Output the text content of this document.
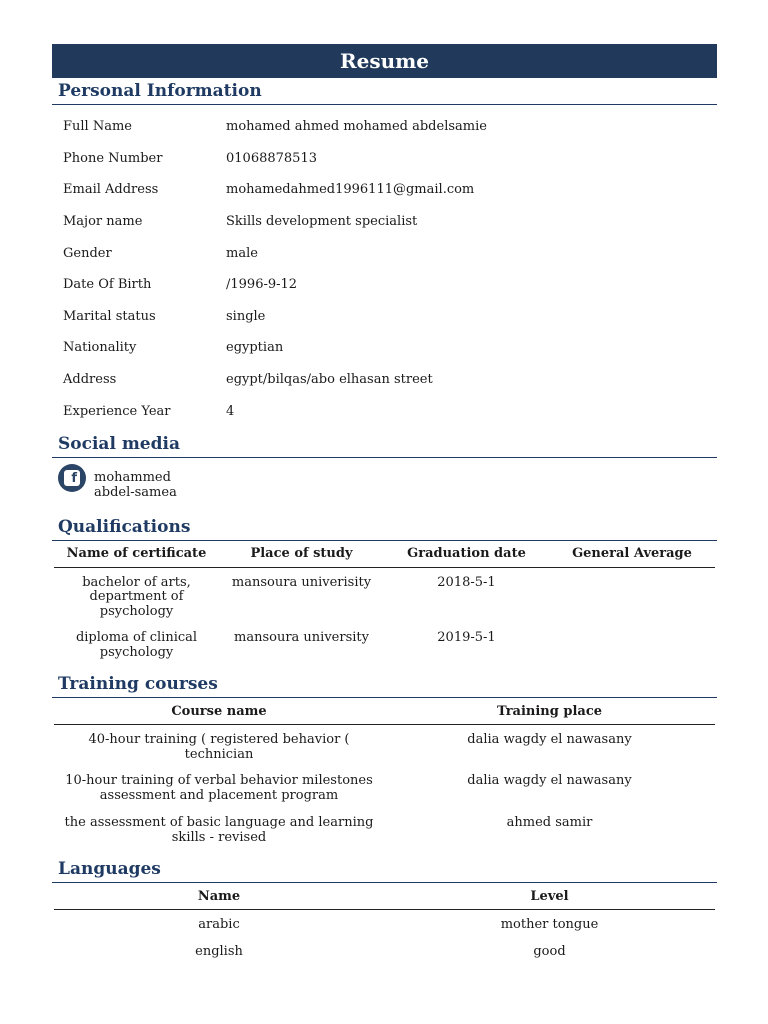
Resume
Personal Information
Full Name	mohamed ahmed mohamed abdelsamie
Phone Number	01068878513
Email Address	mohamedahmed1996111@gmail.com
Major name	Skills development specialist
Gender	male
Date Of Birth	/1996-9-12
Marital status	single
Nationality	egyptian
Address	egypt/bilqas/abo elhasan street
Experience Year	4
Social media
f mohammed
abdel-samea
Qualifications
Name of certificate	Place of study	Graduation date	General Average
bachelor of arts, department of psychology	mansoura univerisity	2018-5-1	
diploma of clinical psychology	mansoura university	2019-5-1	
Training courses
Course name	Training place
40-hour training ( registered behavior ( technician	dalia wagdy el nawasany
10-hour training of verbal behavior milestones assessment and placement program	dalia wagdy el nawasany
the assessment of basic language and learning skills - revised	ahmed samir
Languages
Name	Level
arabic	mother tongue
english	good
